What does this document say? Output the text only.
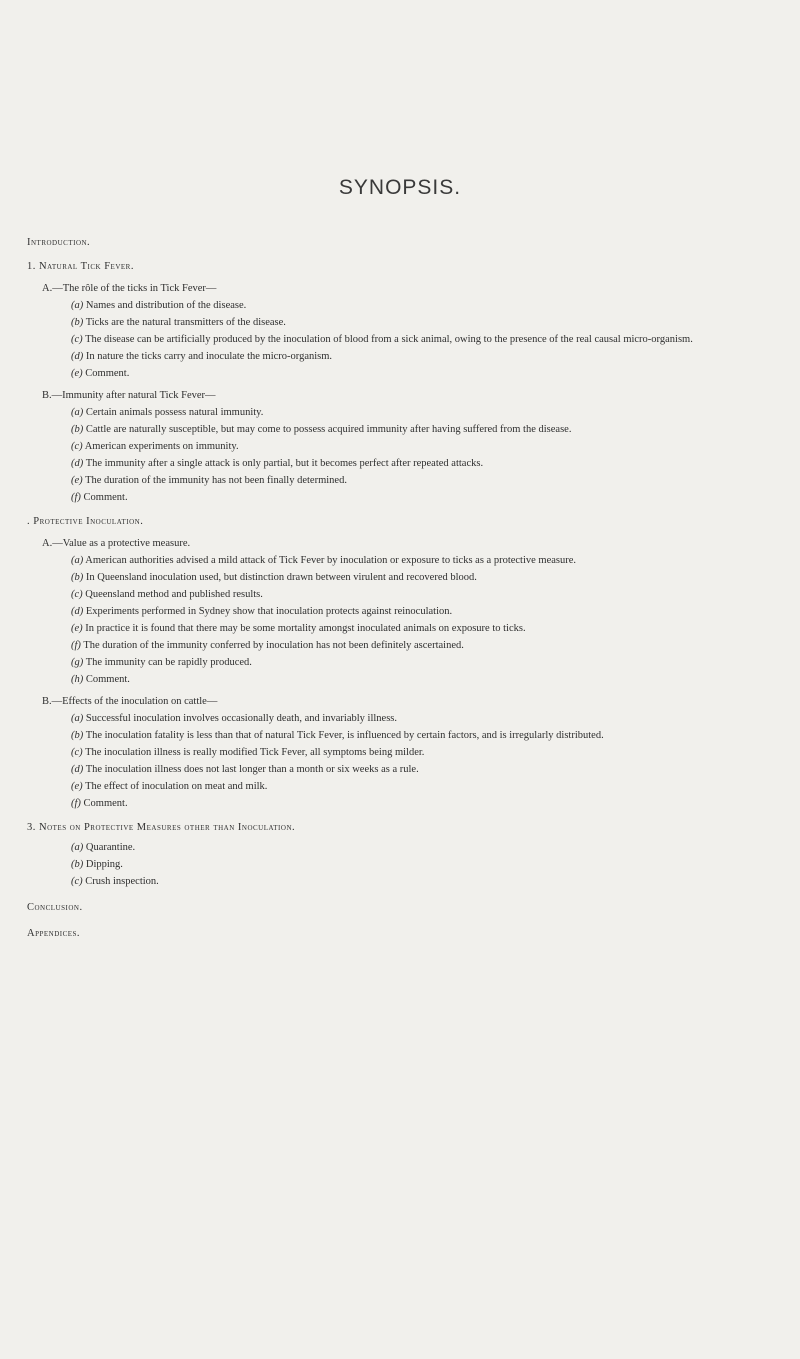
SYNOPSIS.
Introduction.
1. Natural Tick Fever.
A.—The rôle of the ticks in Tick Fever—

(a) Names and distribution of the disease.

(b) Ticks are the natural transmitters of the disease.

(c) The disease can be artificially produced by the inoculation of blood from a sick animal, owing to the presence of the real causal micro-organism.

(d) In nature the ticks carry and inoculate the micro-organism.

(e) Comment.

B.—Immunity after natural Tick Fever—

(a) Certain animals possess natural immunity.

(b) Cattle are naturally susceptible, but may come to possess acquired immunity after having suffered from the disease.

(c) American experiments on immunity.

(d) The immunity after a single attack is only partial, but it becomes perfect after repeated attacks.

(e) The duration of the immunity has not been finally determined.

(f) Comment.

. Protective Inoculation.
A.—Value as a protective measure.

(a) American authorities advised a mild attack of Tick Fever by inoculation or exposure to ticks as a protective measure.

(b) In Queensland inoculation used, but distinction drawn between virulent and recovered blood.

(c) Queensland method and published results.

(d) Experiments performed in Sydney show that inoculation protects against reinoculation.

(e) In practice it is found that there may be some mortality amongst inoculated animals on exposure to ticks.

(f) The duration of the immunity conferred by inoculation has not been definitely ascertained.

(g) The immunity can be rapidly produced.

(h) Comment.

B.—Effects of the inoculation on cattle—

(a) Successful inoculation involves occasionally death, and invariably illness.

(b) The inoculation fatality is less than that of natural Tick Fever, is influenced by certain factors, and is irregularly distributed.

(c) The inoculation illness is really modified Tick Fever, all symptoms being milder.

(d) The inoculation illness does not last longer than a month or six weeks as a rule.

(e) The effect of inoculation on meat and milk.

(f) Comment.

3. Notes on Protective Measures other than Inoculation.

(a) Quarantine.

(b) Dipping.

(c) Crush inspection.

Conclusion.
Appendices.
